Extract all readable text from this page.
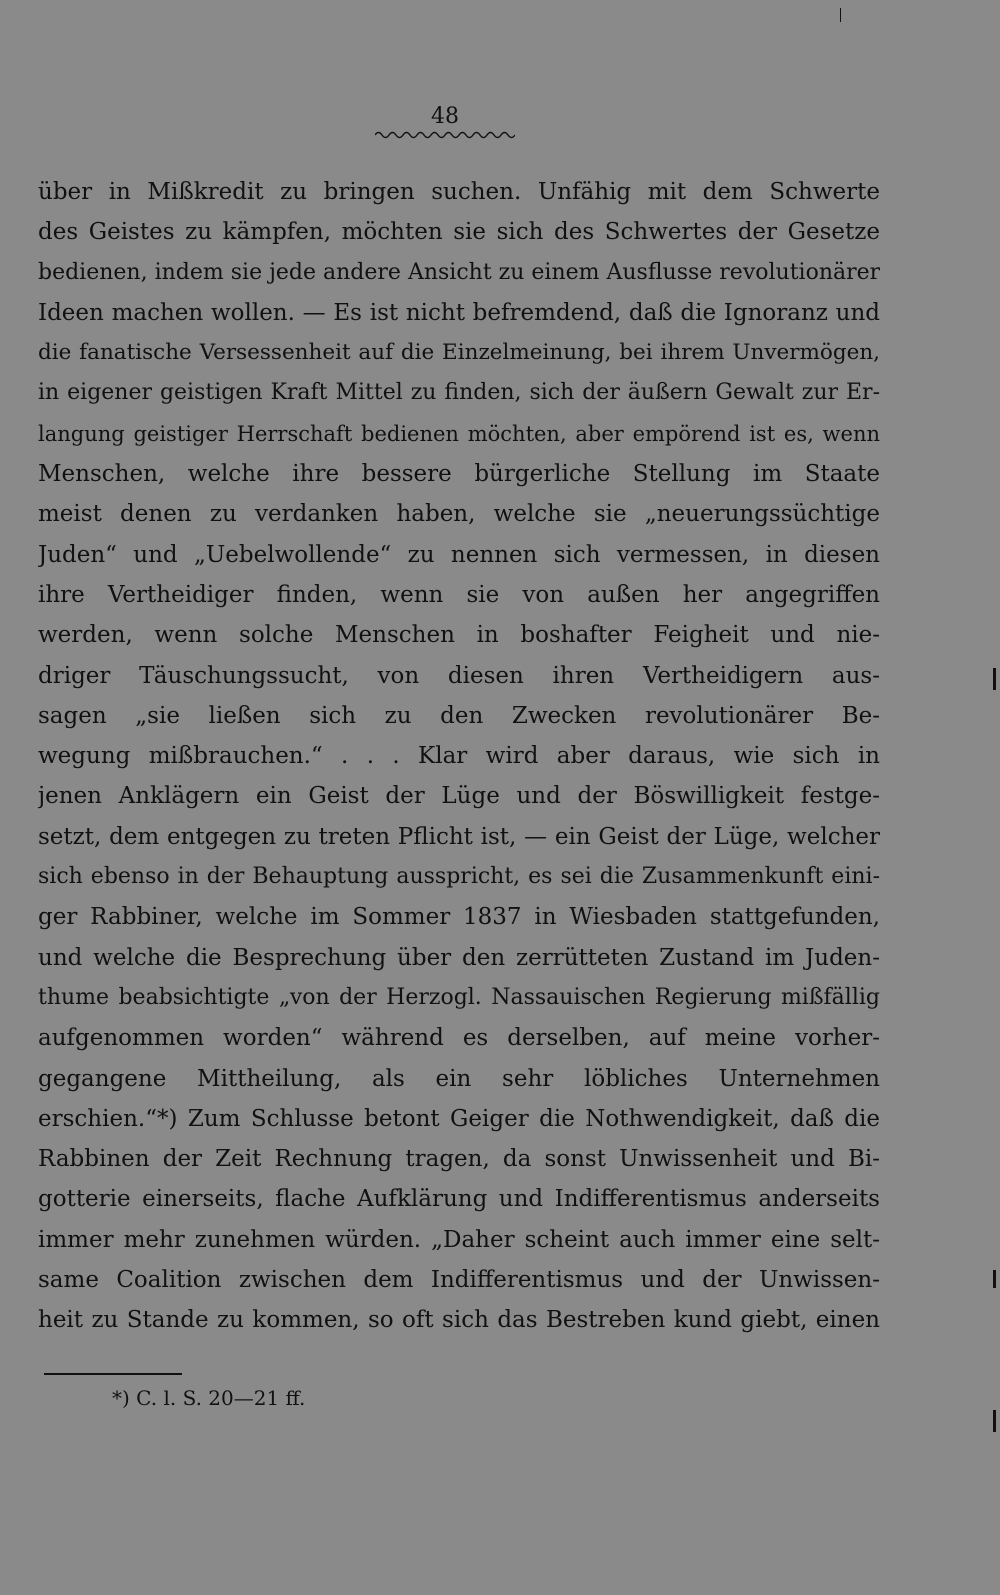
48
über in Mißkredit zu bringen suchen. Unfähig mit dem Schwerte
des Geistes zu kämpfen, möchten sie sich des Schwertes der Gesetze
bedienen, indem sie jede andere Ansicht zu einem Ausflusse revolutionärer
Ideen machen wollen. — Es ist nicht befremdend, daß die Ignoranz und
die fanatische Versessenheit auf die Einzelmeinung, bei ihrem Unvermögen,
in eigener geistigen Kraft Mittel zu finden, sich der äußern Gewalt zur Er-
langung geistiger Herrschaft bedienen möchten, aber empörend ist es, wenn
Menschen, welche ihre bessere bürgerliche Stellung im Staate
meist denen zu verdanken haben, welche sie „neuerungssüchtige
Juden“ und „Uebelwollende“ zu nennen sich vermessen, in diesen
ihre Vertheidiger finden, wenn sie von außen her angegriffen
werden, wenn solche Menschen in boshafter Feigheit und nie-
driger Täuschungssucht, von diesen ihren Vertheidigern aus-
sagen „sie ließen sich zu den Zwecken revolutionärer Be-
wegung mißbrauchen.“ . . . Klar wird aber daraus, wie sich in
jenen Anklägern ein Geist der Lüge und der Böswilligkeit festge-
setzt, dem entgegen zu treten Pflicht ist, — ein Geist der Lüge, welcher
sich ebenso in der Behauptung ausspricht, es sei die Zusammenkunft eini-
ger Rabbiner, welche im Sommer 1837 in Wiesbaden stattgefunden,
und welche die Besprechung über den zerrütteten Zustand im Juden-
thume beabsichtigte „von der Herzogl. Nassauischen Regierung mißfällig
aufgenommen worden“ während es derselben, auf meine vorher-
gegangene Mittheilung, als ein sehr löbliches Unternehmen
erschien.“*) Zum Schlusse betont Geiger die Nothwendigkeit, daß die
Rabbinen der Zeit Rechnung tragen, da sonst Unwissenheit und Bi-
gotterie einerseits, flache Aufklärung und Indifferentismus anderseits
immer mehr zunehmen würden. „Daher scheint auch immer eine selt-
same Coalition zwischen dem Indifferentismus und der Unwissen-
heit zu Stande zu kommen, so oft sich das Bestreben kund giebt, einen
*) C. l. S. 20—21 ff.
